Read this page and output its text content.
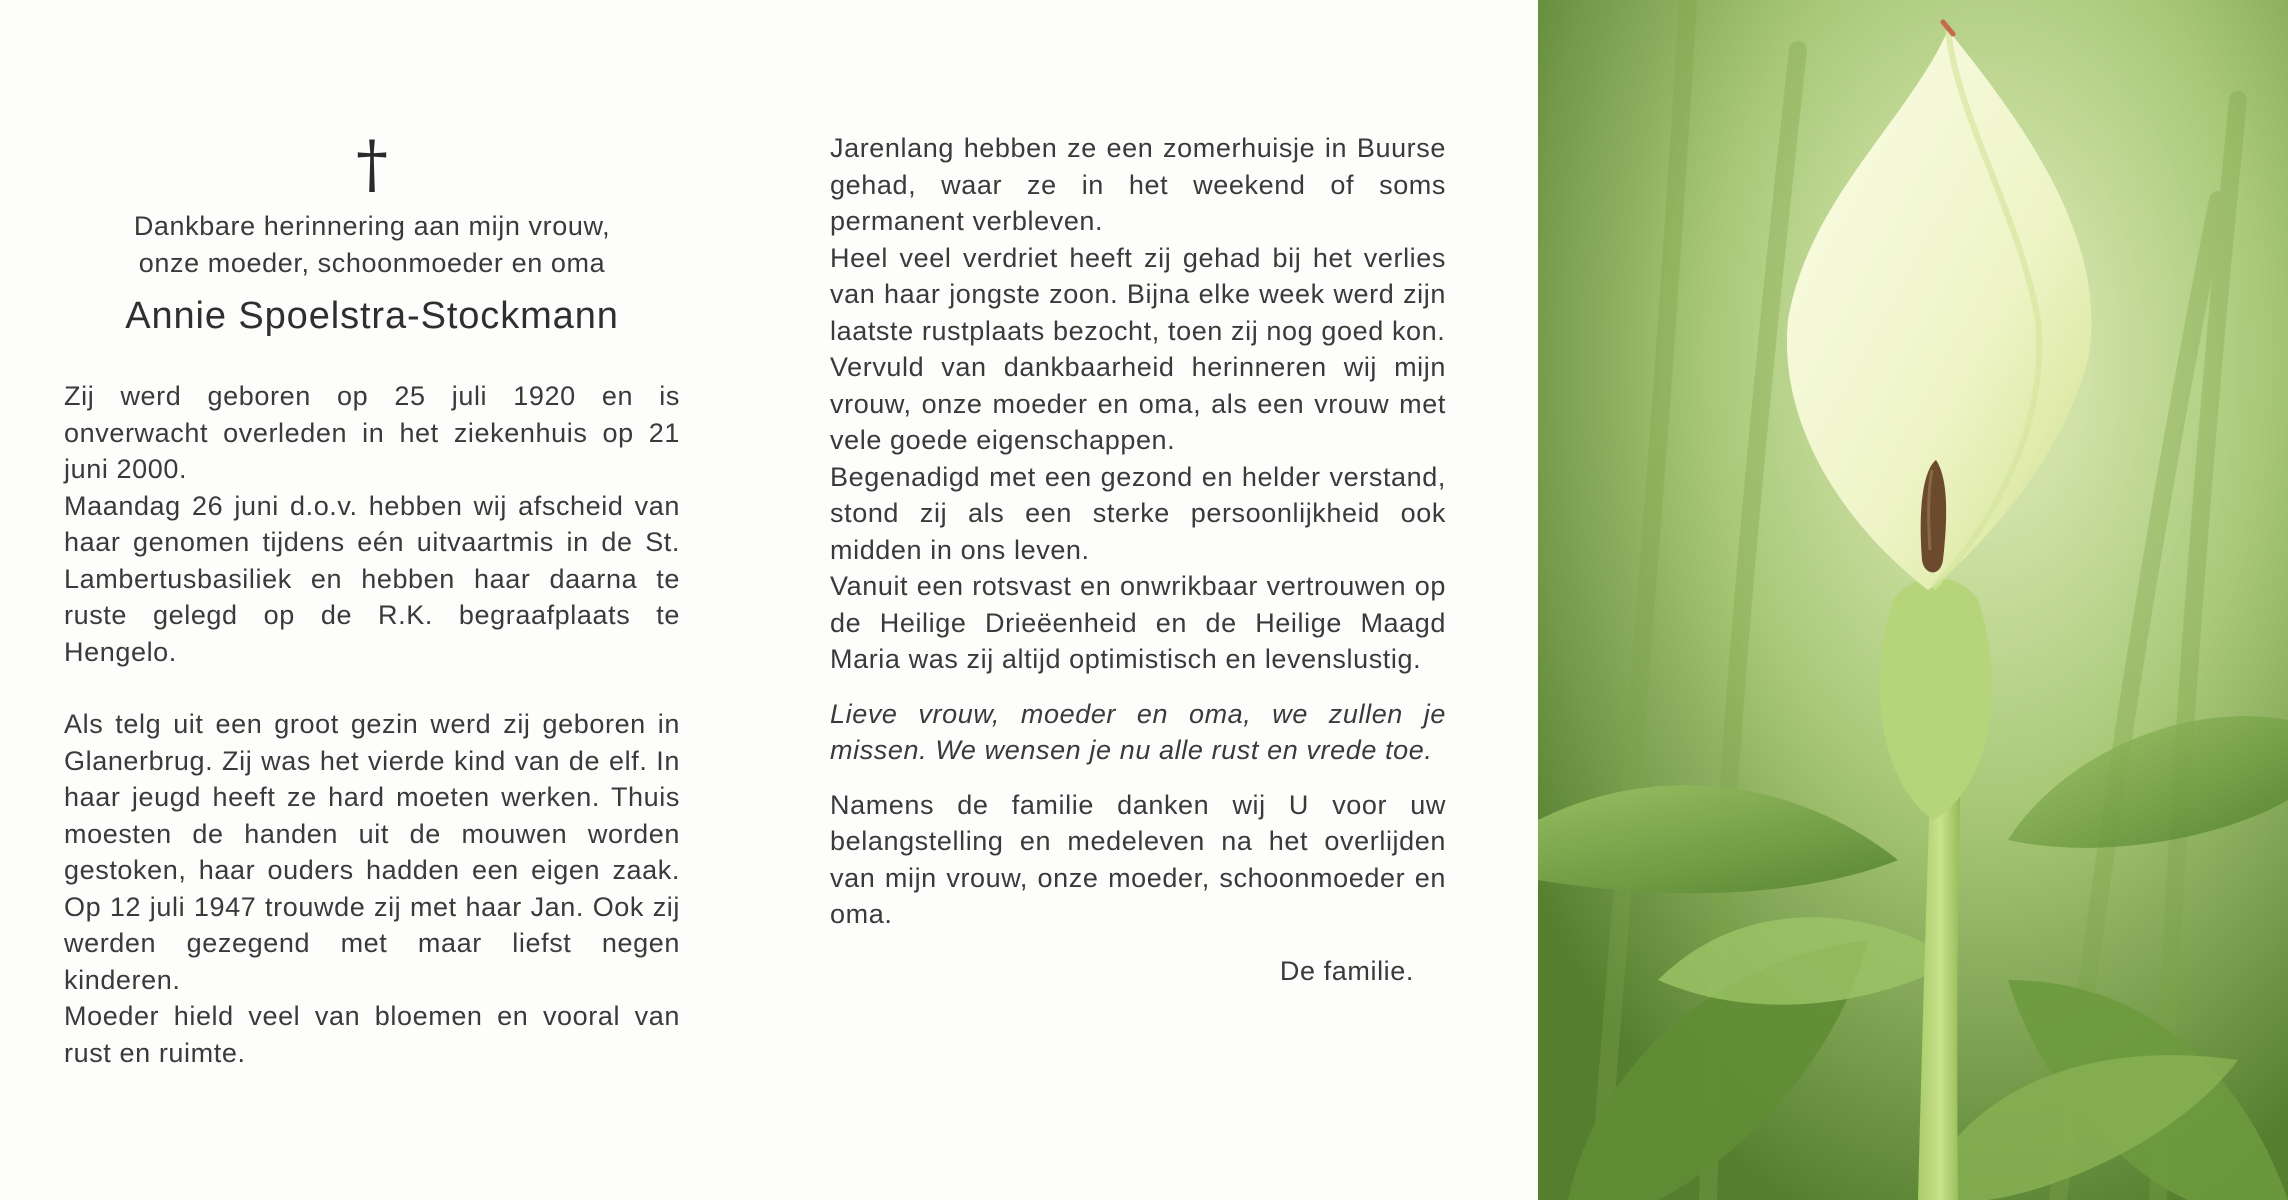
†
Dankbare herinnering aan mijn vrouw,
onze moeder, schoonmoeder en oma
Annie Spoelstra-Stockmann

Zij werd geboren op 25 juli 1920 en is onverwacht overleden in het ziekenhuis op 21 juni 2000.

Maandag 26 juni d.o.v. hebben wij afscheid van haar genomen tijdens eén uitvaartmis in de St. Lambertusbasiliek en hebben haar daarna te ruste gelegd op de R.K. begraafplaats te Hengelo.

Als telg uit een groot gezin werd zij geboren in Glanerbrug. Zij was het vierde kind van de elf. In haar jeugd heeft ze hard moeten werken. Thuis moesten de handen uit de mouwen worden gestoken, haar ouders hadden een eigen zaak. Op 12 juli 1947 trouwde zij met haar Jan. Ook zij werden gezegend met maar liefst negen kinderen.

Moeder hield veel van bloemen en vooral van rust en ruimte.

Jarenlang hebben ze een zomerhuisje in Buurse gehad, waar ze in het weekend of soms permanent verbleven.

Heel veel verdriet heeft zij gehad bij het verlies van haar jongste zoon. Bijna elke week werd zijn laatste rustplaats bezocht, toen zij nog goed kon.

Vervuld van dankbaarheid herinneren wij mijn vrouw, onze moeder en oma, als een vrouw met vele goede eigenschappen.

Begenadigd met een gezond en helder verstand, stond zij als een sterke persoonlijkheid ook midden in ons leven.

Vanuit een rotsvast en onwrikbaar vertrouwen op de Heilige Drieëenheid en de Heilige Maagd Maria was zij altijd optimistisch en levenslustig.

Lieve vrouw, moeder en oma, we zullen je missen. We wensen je nu alle rust en vrede toe.

Namens de familie danken wij U voor uw belangstelling en medeleven na het overlijden van mijn vrouw, onze moeder, schoonmoeder en oma.

De familie.
